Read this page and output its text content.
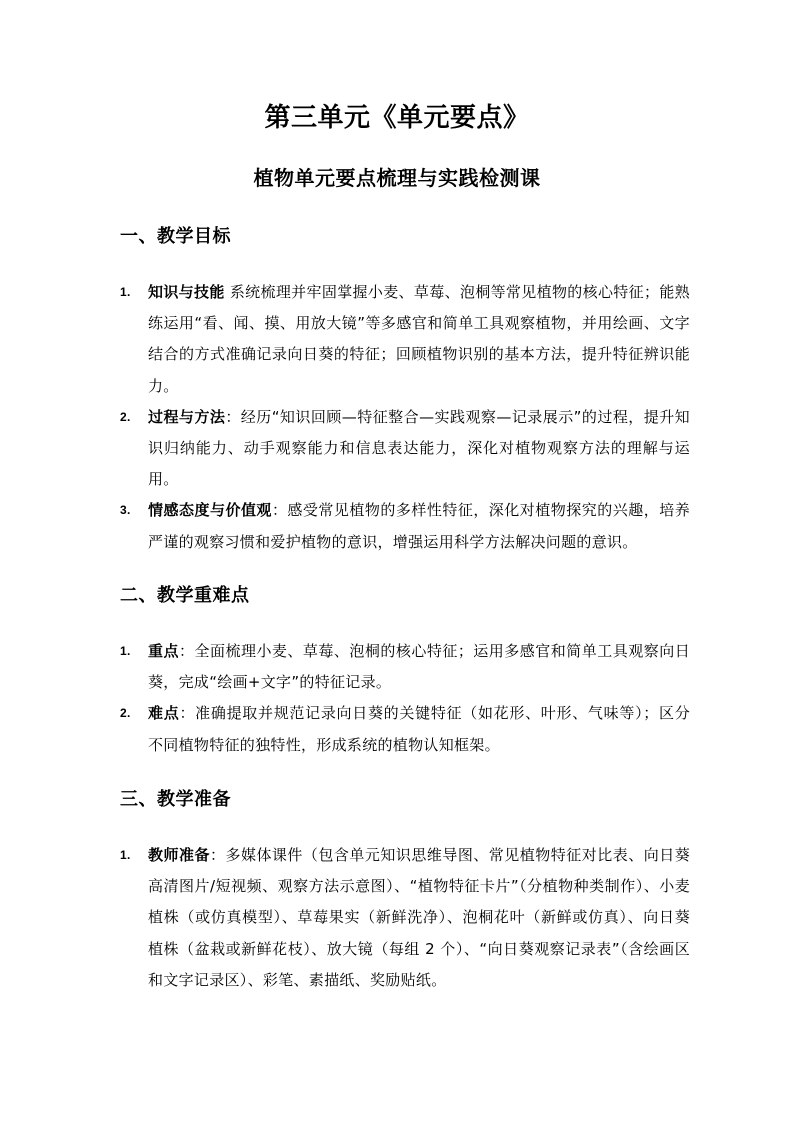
第三单元《单元要点》
植物单元要点梳理与实践检测课
一、教学目标
1. 知识与技能 系统梳理并牢固掌握小麦、草莓、泡桐等常见植物的核心特征；能熟练运用“看、闻、摸、用放大镜”等多感官和简单工具观察植物，并用绘画、文字结合的方式准确记录向日葵的特征；回顾植物识别的基本方法，提升特征辨识能力。
2. 过程与方法：经历“知识回顾—特征整合—实践观察—记录展示”的过程，提升知识归纳能力、动手观察能力和信息表达能力，深化对植物观察方法的理解与运用。
3. 情感态度与价值观：感受常见植物的多样性特征，深化对植物探究的兴趣，培养严谨的观察习惯和爱护植物的意识，增强运用科学方法解决问题的意识。
二、教学重难点
1. 重点：全面梳理小麦、草莓、泡桐的核心特征；运用多感官和简单工具观察向日葵，完成“绘画+文字”的特征记录。
2. 难点：准确提取并规范记录向日葵的关键特征（如花形、叶形、气味等）；区分不同植物特征的独特性，形成系统的植物认知框架。
三、教学准备
1. 教师准备：多媒体课件（包含单元知识思维导图、常见植物特征对比表、向日葵高清图片/短视频、观察方法示意图）、“植物特征卡片”（分植物种类制作）、小麦植株（或仿真模型）、草莓果实（新鲜洗净）、泡桐花叶（新鲜或仿真）、向日葵植株（盆栽或新鲜花枝）、放大镜（每组 2 个）、“向日葵观察记录表”（含绘画区和文字记录区）、彩笔、素描纸、奖励贴纸。
